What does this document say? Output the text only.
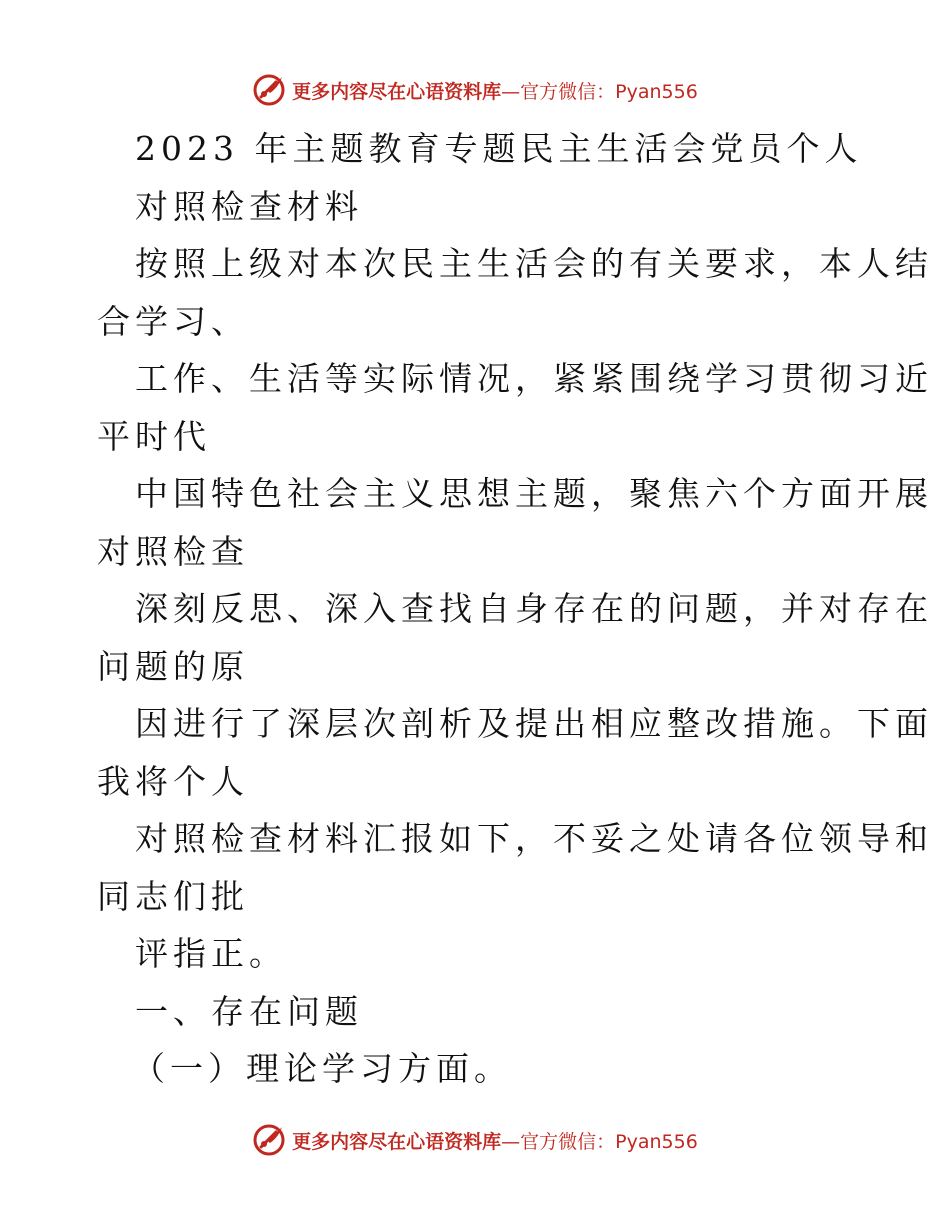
更多内容尽在心语资料库—官方微信：Pyan556
2023 年主题教育专题民主生活会党员个人
对照检查材料
按照上级对本次民主生活会的有关要求，本人结
合学习、
工作、生活等实际情况，紧紧围绕学习贯彻习近
平时代
中国特色社会主义思想主题，聚焦六个方面开展
对照检查
深刻反思、深入查找自身存在的问题，并对存在
问题的原
因进行了深层次剖析及提出相应整改措施。下面
我将个人
对照检查材料汇报如下，不妥之处请各位领导和
同志们批
评指正。
一、存在问题
（一）理论学习方面。
更多内容尽在心语资料库—官方微信：Pyan556
